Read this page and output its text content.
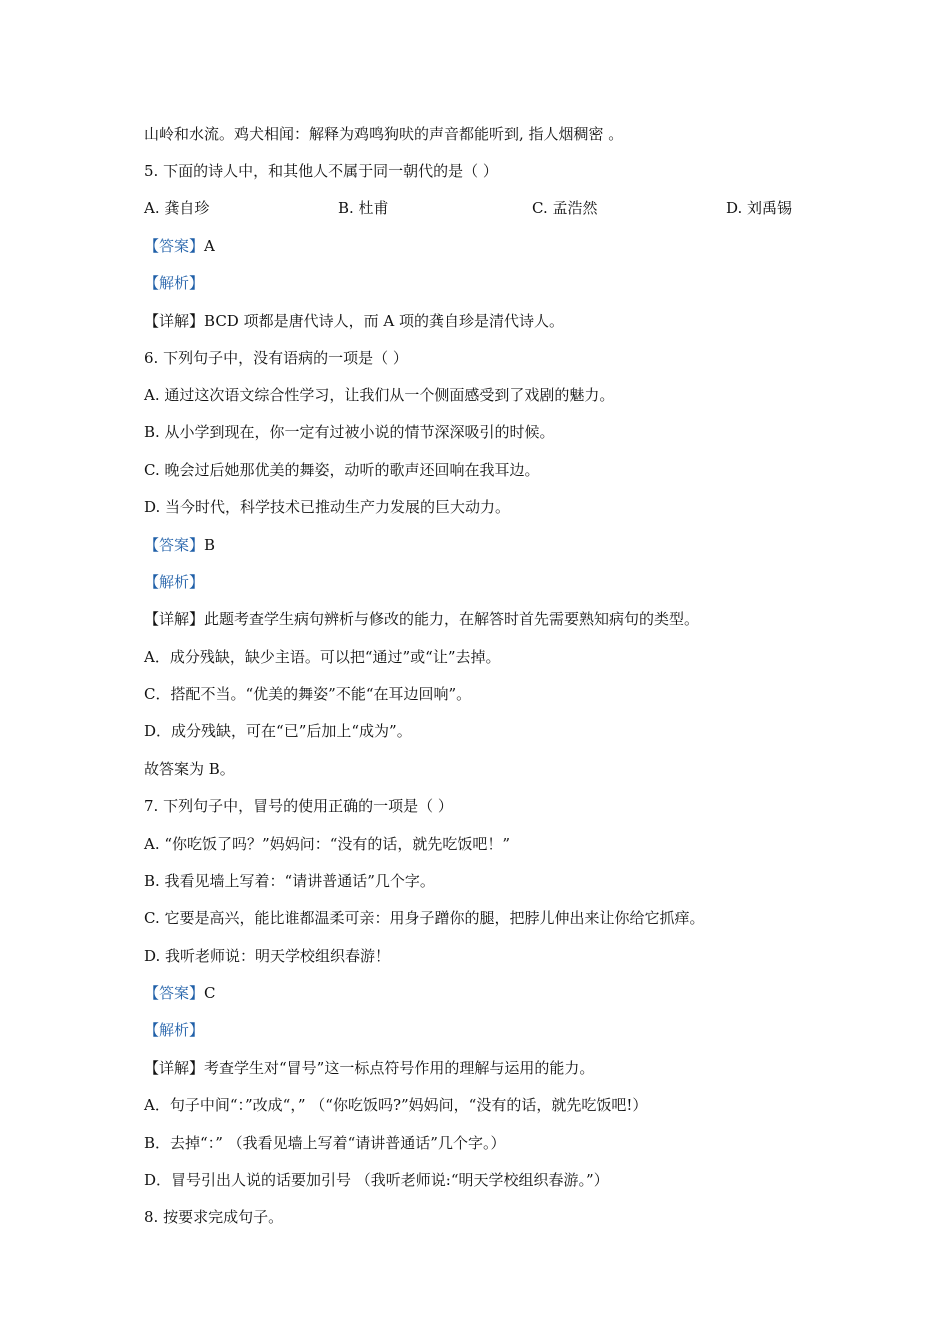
山岭和水流。鸡犬相闻：解释为鸡鸣狗吠的声音都能听到, 指人烟稠密 。
5. 下面的诗人中，和其他人不属于同一朝代的是（ ）
A. 龚自珍	B. 杜甫	C. 孟浩然	D. 刘禹锡
【答案】A
【解析】
【详解】BCD 项都是唐代诗人，而 A 项的龚自珍是清代诗人。
6. 下列句子中，没有语病的一项是（ ）
A. 通过这次语文综合性学习，让我们从一个侧面感受到了戏剧的魅力。
B. 从小学到现在，你一定有过被小说的情节深深吸引的时候。
C. 晚会过后她那优美的舞姿，动听的歌声还回响在我耳边。
D. 当今时代，科学技术已推动生产力发展的巨大动力。
【答案】B
【解析】
【详解】此题考查学生病句辨析与修改的能力，在解答时首先需要熟知病句的类型。
A．成分残缺，缺少主语。可以把“通过”或“让”去掉。
C．搭配不当。“优美的舞姿”不能“在耳边回响”。
D．成分残缺，可在“已”后加上“成为”。
故答案为 B。
7. 下列句子中，冒号的使用正确的一项是（ ）
A. “你吃饭了吗？”妈妈问：“没有的话，就先吃饭吧！”
B. 我看见墙上写着：“请讲普通话”几个字。
C. 它要是高兴，能比谁都温柔可亲：用身子蹭你的腿，把脖儿伸出来让你给它抓痒。
D. 我听老师说：明天学校组织春游！
【答案】C
【解析】
【详解】考查学生对“冒号”这一标点符号作用的理解与运用的能力。
A．句子中间“：”改成“，” （“你吃饭吗?”妈妈问，“没有的话，就先吃饭吧!）
B．去掉“：” （我看见墙上写着“请讲普通话”几个字。）
D．冒号引出人说的话要加引号 （我听老师说:“明天学校组织春游。”）
8. 按要求完成句子。
